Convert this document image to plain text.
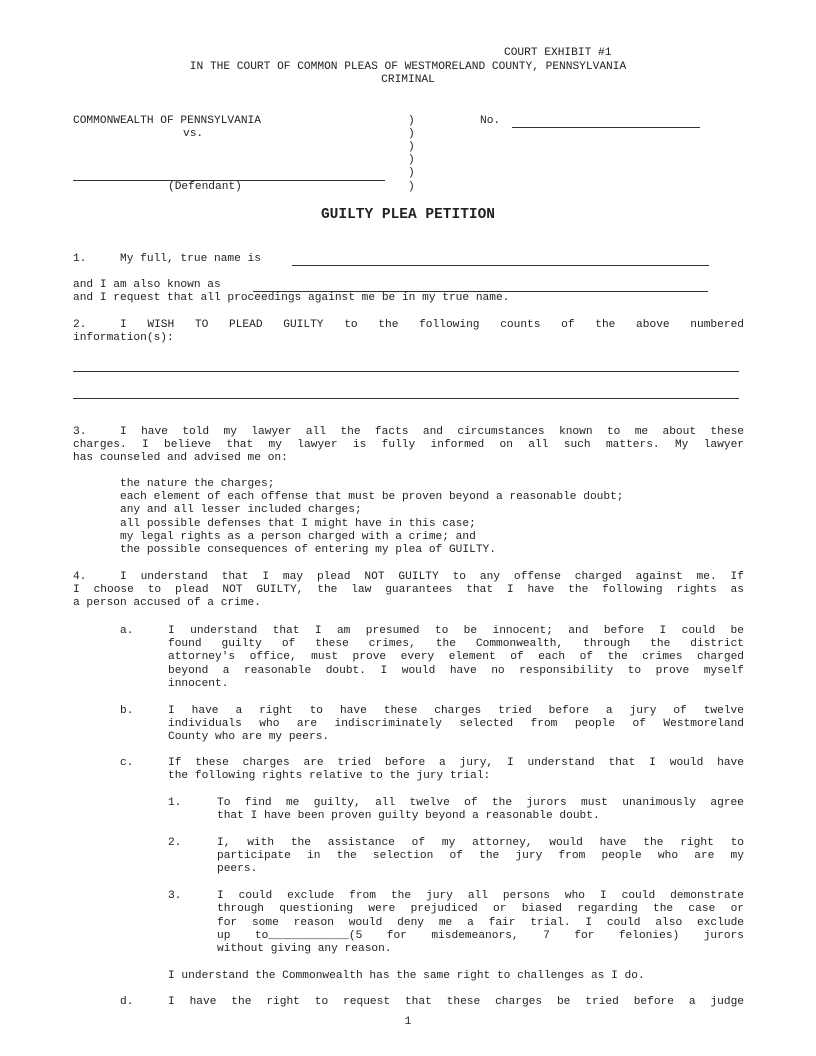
COURT EXHIBIT #1
IN THE COURT OF COMMON PLEAS OF WESTMORELAND COUNTY, PENNSYLVANIA
CRIMINAL
COMMONWEALTH OF PENNSYLVANIA
vs.
(Defendant)
)
)
)
)
)
)
No.
GUILTY PLEA PETITION
1.	My full, true name is
and I am also known as
and I request that all proceedings against me be in my true name.
2.	I WISH TO PLEAD GUILTY to the following counts of the above numbered
information(s):
3.	I have told my lawyer all the facts and circumstances known to me about these
charges. I believe that my lawyer is fully informed on all such matters. My lawyer
has counseled and advised me on:
the nature the charges;
each element of each offense that must be proven beyond a reasonable doubt;
any and all lesser included charges;
all possible defenses that I might have in this case;
my legal rights as a person charged with a crime; and
the possible consequences of entering my plea of GUILTY.
4.	I understand that I may plead NOT GUILTY to any offense charged against me. If
I choose to plead NOT GUILTY, the law guarantees that I have the following rights as
a person accused of a crime.
a.	I understand that I am presumed to be innocent; and before I could be
found guilty of these crimes, the Commonwealth, through the district
attorney's office, must prove every element of each of the crimes charged
beyond a reasonable doubt. I would have no responsibility to prove myself
innocent.
b.	I have a right to have these charges tried before a jury of twelve
individuals who are indiscriminately selected from people of Westmoreland
County who are my peers.
c.	If these charges are tried before a jury, I understand that I would have
the following rights relative to the jury trial:
1.	To find me guilty, all twelve of the jurors must unanimously agree
that I have been proven guilty beyond a reasonable doubt.
2.	I, with the assistance of my attorney, would have the right to
participate in the selection of the jury from people who are my
peers.
3.	I could exclude from the jury all persons who I could demonstrate
through questioning were prejudiced or biased regarding the case or
for some reason would deny me a fair trial. I could also exclude
up to____________(5 for misdemeanors, 7 for felonies) jurors
without giving any reason.
I understand the Commonwealth has the same right to challenges as I do.
d.	I have the right to request that these charges be tried before a judge
1
